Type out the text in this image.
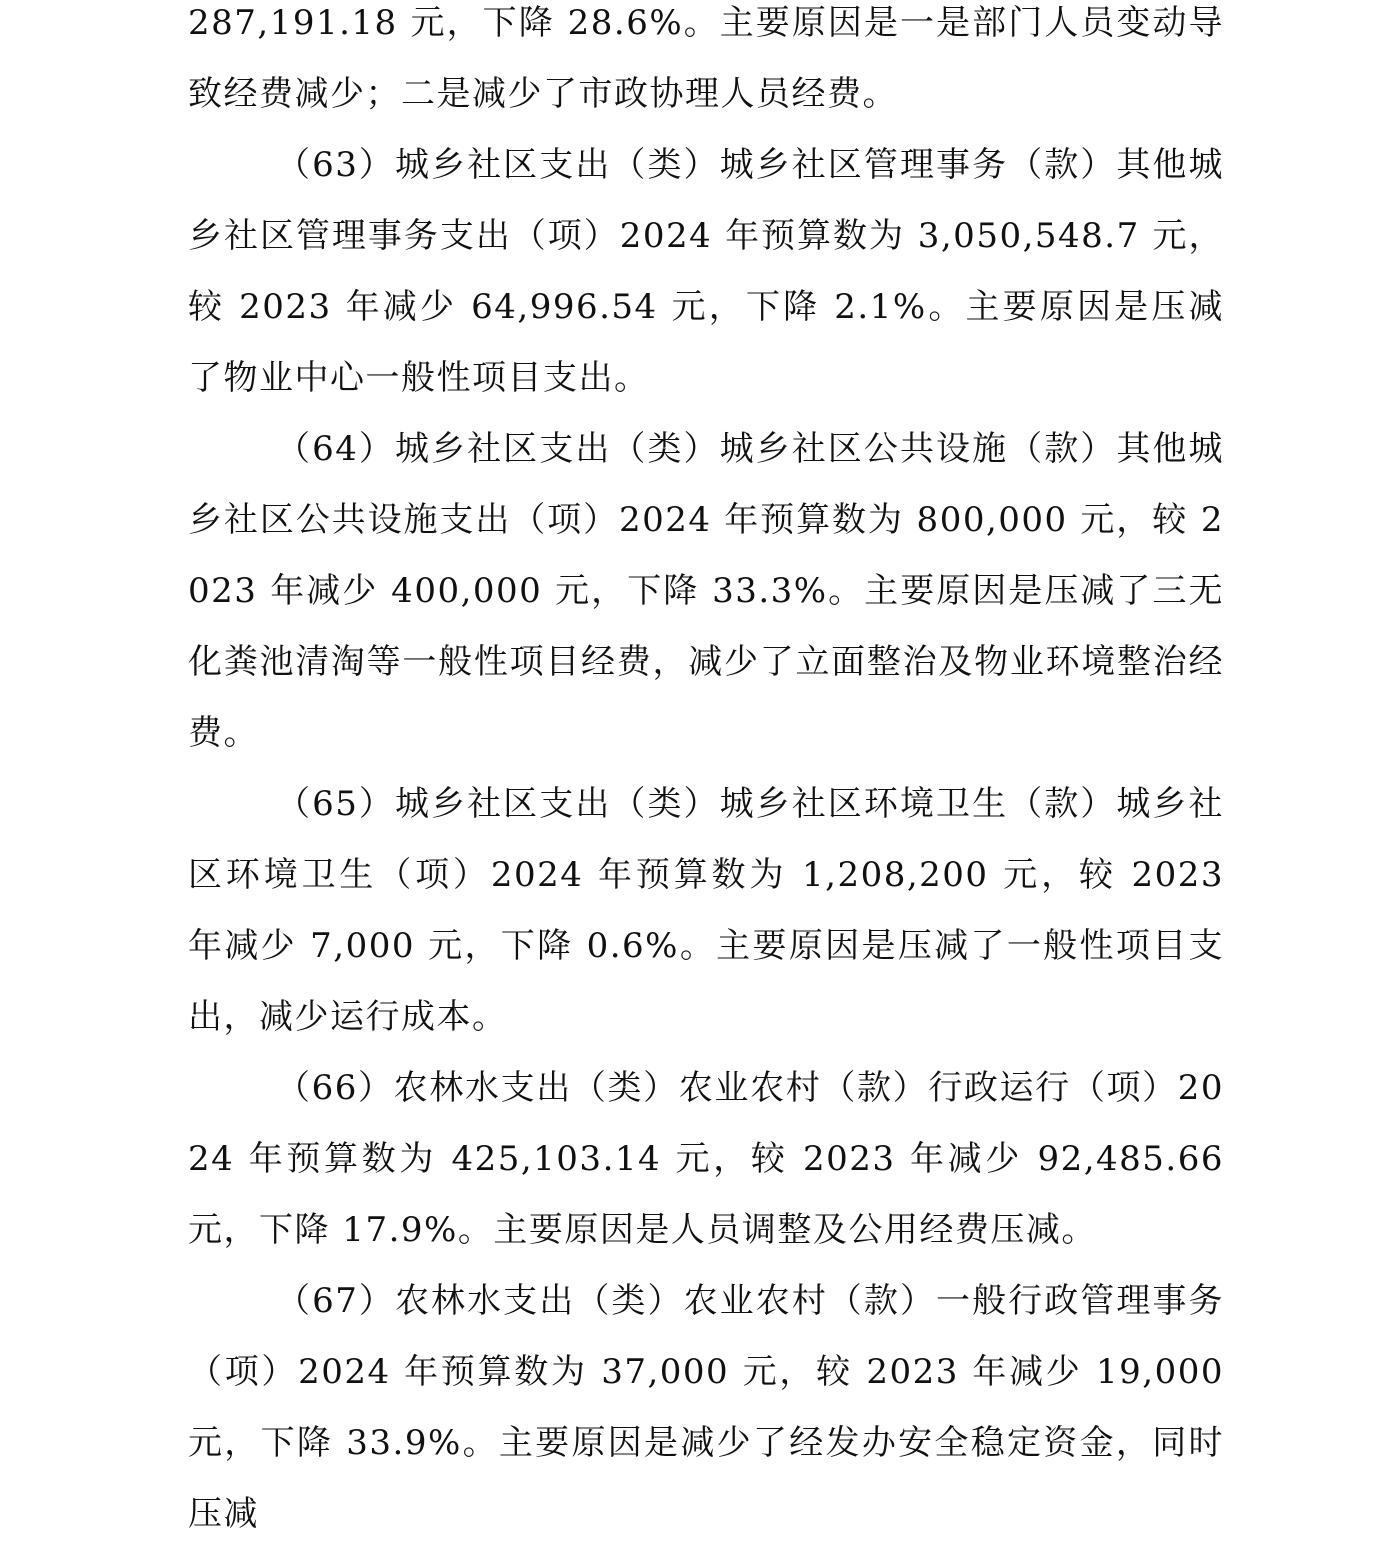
287,191.18 元，下降 28.6%。主要原因是一是部门人员变动导致经费减少；二是减少了市政协理人员经费。

（63）城乡社区支出（类）城乡社区管理事务（款）其他城乡社区管理事务支出（项）2024 年预算数为 3,050,548.7 元，较 2023 年减少 64,996.54 元，下降 2.1%。主要原因是压减了物业中心一般性项目支出。

（64）城乡社区支出（类）城乡社区公共设施（款）其他城乡社区公共设施支出（项）2024 年预算数为 800,000 元，较 2023 年减少 400,000 元，下降 33.3%。主要原因是压减了三无化粪池清淘等一般性项目经费，减少了立面整治及物业环境整治经费。

（65）城乡社区支出（类）城乡社区环境卫生（款）城乡社区环境卫生（项）2024 年预算数为 1,208,200 元，较 2023 年减少 7,000 元，下降 0.6%。主要原因是压减了一般性项目支出，减少运行成本。

（66）农林水支出（类）农业农村（款）行政运行（项）2024 年预算数为 425,103.14 元，较 2023 年减少 92,485.66 元，下降 17.9%。主要原因是人员调整及公用经费压减。

（67）农林水支出（类）农业农村（款）一般行政管理事务（项）2024 年预算数为 37,000 元，较 2023 年减少 19,000 元，下降 33.9%。主要原因是减少了经发办安全稳定资金，同时压减
